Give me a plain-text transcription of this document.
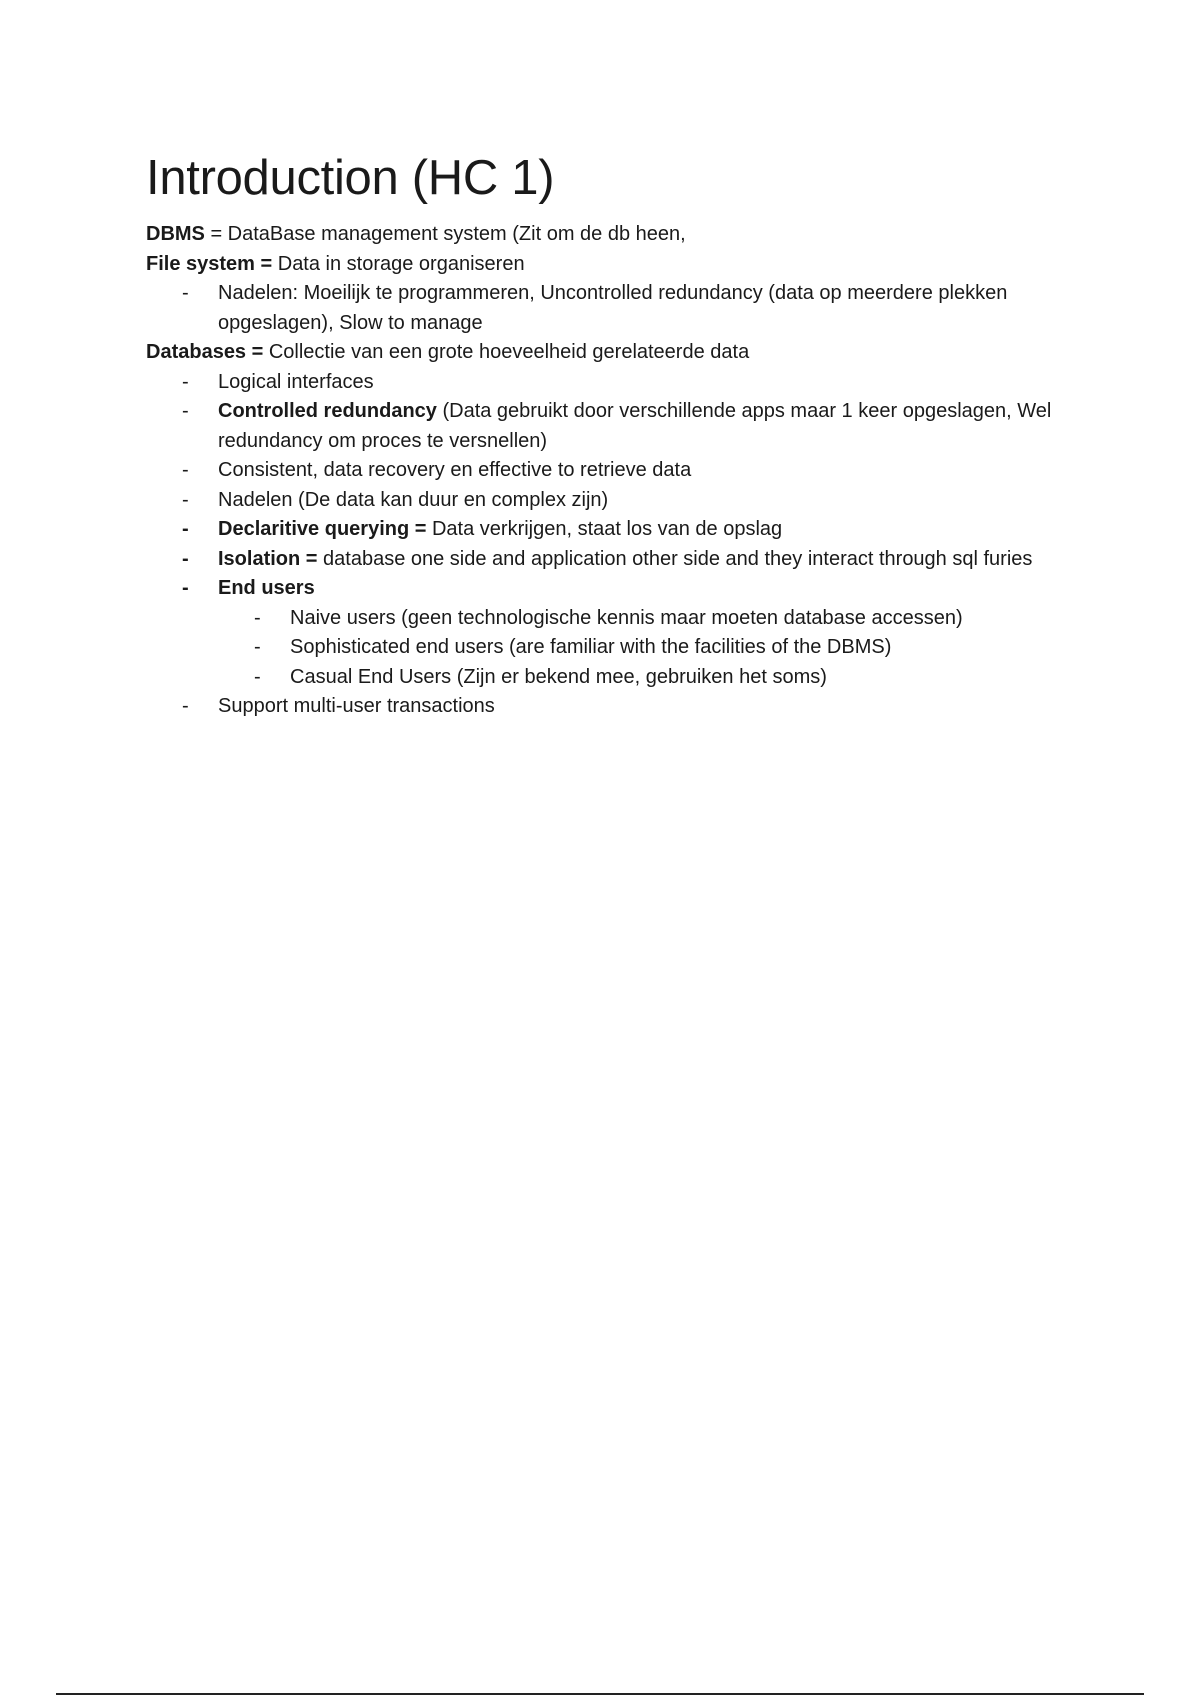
Introduction (HC 1)

DBMS = DataBase management system (Zit om de db heen,

File system = Data in storage organiseren

-	Nadelen: Moeilijk te programmeren, Uncontrolled redundancy (data op meerdere plekken opgeslagen), Slow to manage

Databases = Collectie van een grote hoeveelheid gerelateerde data

-	Logical interfaces
-	Controlled redundancy (Data gebruikt door verschillende apps maar 1 keer opgeslagen, Wel redundancy om proces te versnellen)
-	Consistent, data recovery en effective to retrieve data
-	Nadelen (De data kan duur en complex zijn)
-	Declaritive querying = Data verkrijgen, staat los van de opslag
-	Isolation = database one side and application other side and they interact through sql furies
-	End users
-	Naive users (geen technologische kennis maar moeten database accessen)
-	Sophisticated end users (are familiar with the facilities of the DBMS)
-	Casual End Users (Zijn er bekend mee, gebruiken het soms)
-	Support multi-user transactions
